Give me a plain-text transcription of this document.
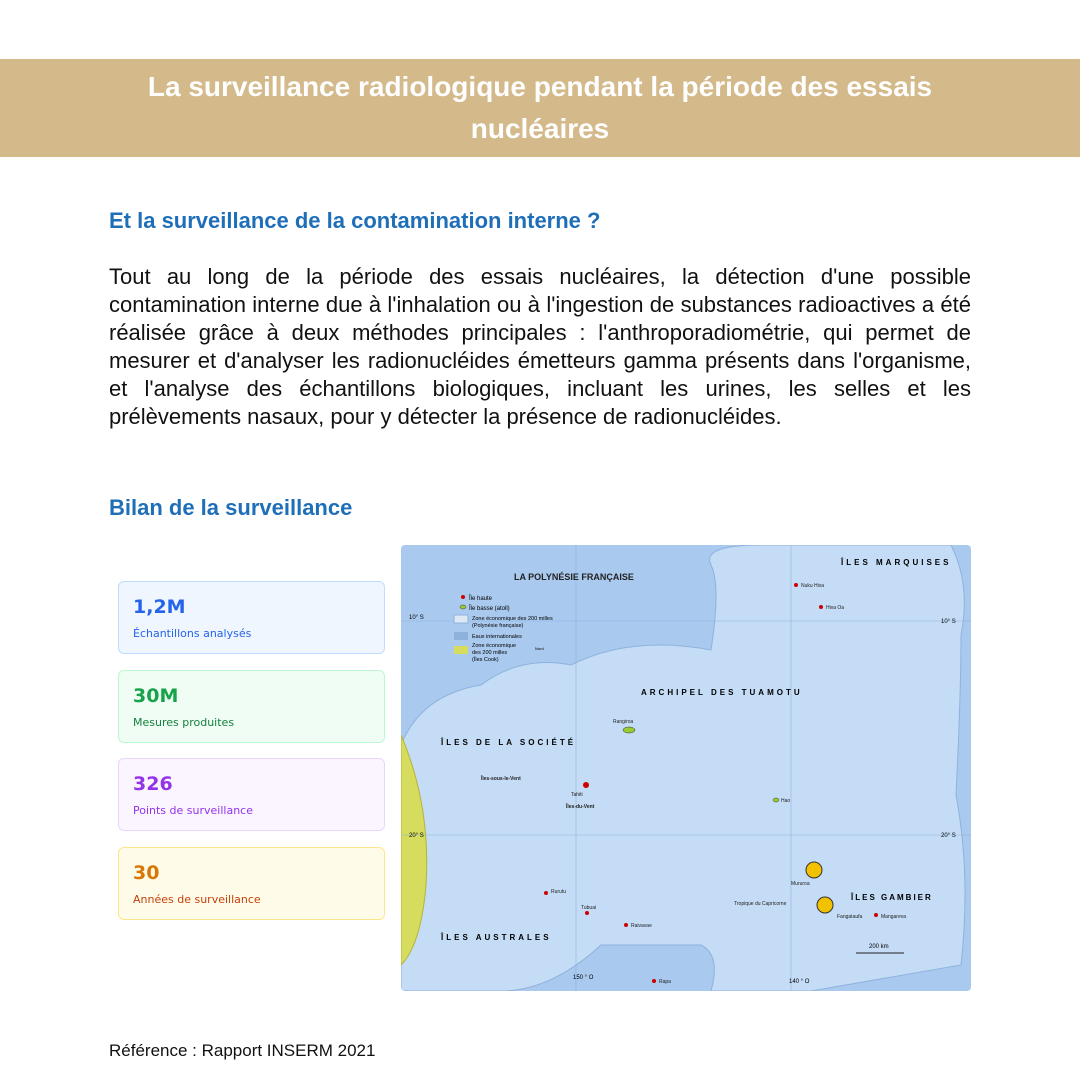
La surveillance radiologique pendant la période des essais nucléaires
Et la surveillance de la contamination interne ?
Tout au long de la période des essais nucléaires, la détection d'une possible contamination interne due à l'inhalation ou à l'ingestion de substances radioactives a été réalisée grâce à deux méthodes principales : l'anthroporadiométrie, qui permet de mesurer et d'analyser les radionucléides émetteurs gamma présents dans l'organisme, et l'analyse des échantillons biologiques, incluant les urines, les selles et les prélèvements nasaux, pour y détecter la présence de radionucléides.
Bilan de la surveillance
1,2M
Échantillons analysés
30M
Mesures produites
326
Points de surveillance
30
Années de surveillance
LA POLYNÉSIE FRANÇAISE
Île haute
Île basse (atoll)
Zone économique des 200 milles
(Polynésie française)
Eaux internationales
Zone économique
des 200 milles
(Îles Cook)
Nord
10° S
10° S
20° S	20° S
150 ° O
140 ° O
ÎLES MARQUISES
ARCHIPEL DES TUAMOTU
ÎLES DE LA SOCIÉTÉ
ÎLES AUSTRALES
ÎLES GAMBIER
Tahiti
Îles-sous-le-Vent
Îles-du-Vent
Nuku Hiva
Hiva Oa
Rangiroa
Hao
Mururoa
Fangataufa
Tubuai
Rurutu
Rapa
Raivavae
Mangareva
Tropique du Capricorne
200 km
Référence : Rapport INSERM 2021
